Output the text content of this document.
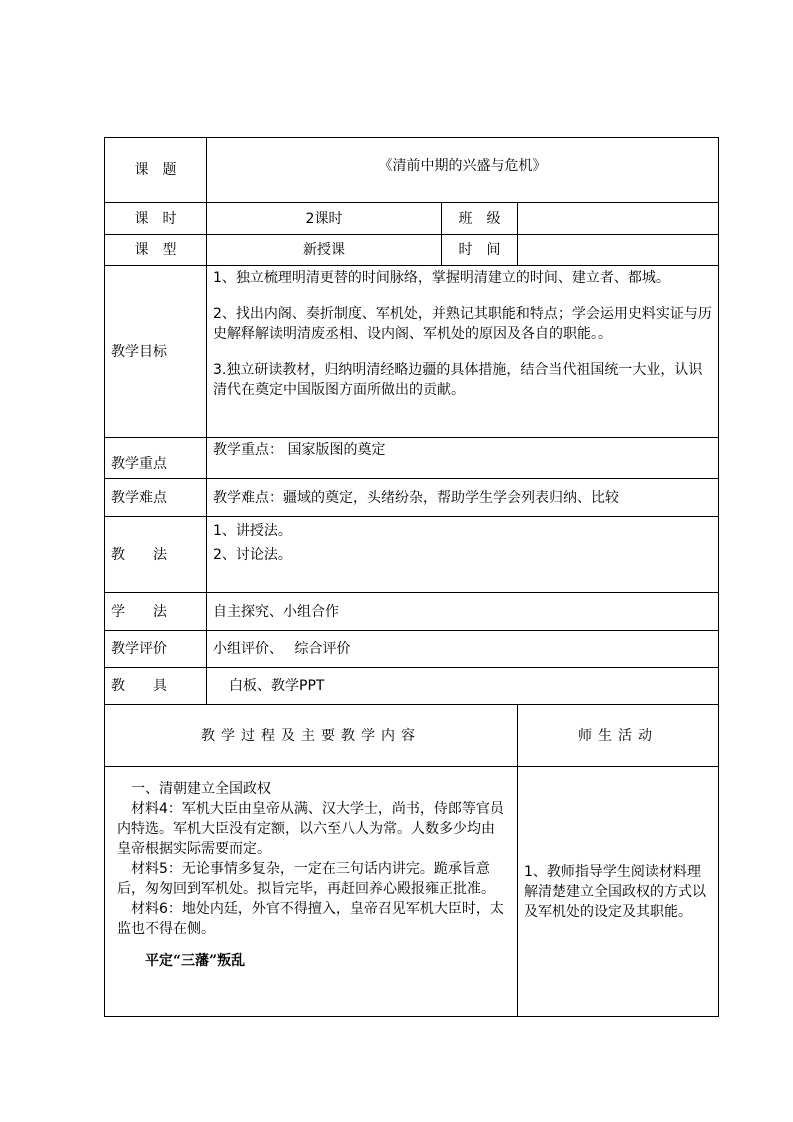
课　题	《清前中期的兴盛与危机》		
课　时	2课时	班　级	
课　型	新授课	时　间	
教学目标	1、独立梳理明清更替的时间脉络，掌握明清建立的时间、建立者、都城。

2、找出内阁、奏折制度、军机处，并熟记其职能和特点；学会运用史料实证与历史解释解读明清废丞相、设内阁、军机处的原因及各自的职能。。

3.独立研读教材，归纳明清经略边疆的具体措施，结合当代祖国统一大业，认识清代在奠定中国版图方面所做出的贡献。		

教学重点	教学重点： 国家版图的奠定		
教学难点	教学难点：疆域的奠定，头绪纷杂，帮助学生学会列表归纳、比较		
教　　法	1、讲授法。
2、讨论法。		

学　　法	自主探究、小组合作		
教学评价	小组评价、　 综合评价		
教　　具	白板、教学PPT		
教学过程及主要教学内容			师生活动

一、清朝建立全国政权

材料4：军机大臣由皇帝从满、汉大学士，尚书，侍郎等官员内特选。军机大臣没有定额，以六至八人为常。人数多少均由皇帝根据实际需要而定。

材料5：无论事情多复杂，一定在三句话内讲完。跪承旨意后，匆匆回到军机处。拟旨完毕，再赶回养心殿报雍正批准。

材料6：地处内廷，外官不得擅入，皇帝召见军机大臣时，太监也不得在侧。

平定“三藩”叛乱			1、教师指导学生阅读材料理解清楚建立全国政权的方式以及军机处的设定及其职能。
